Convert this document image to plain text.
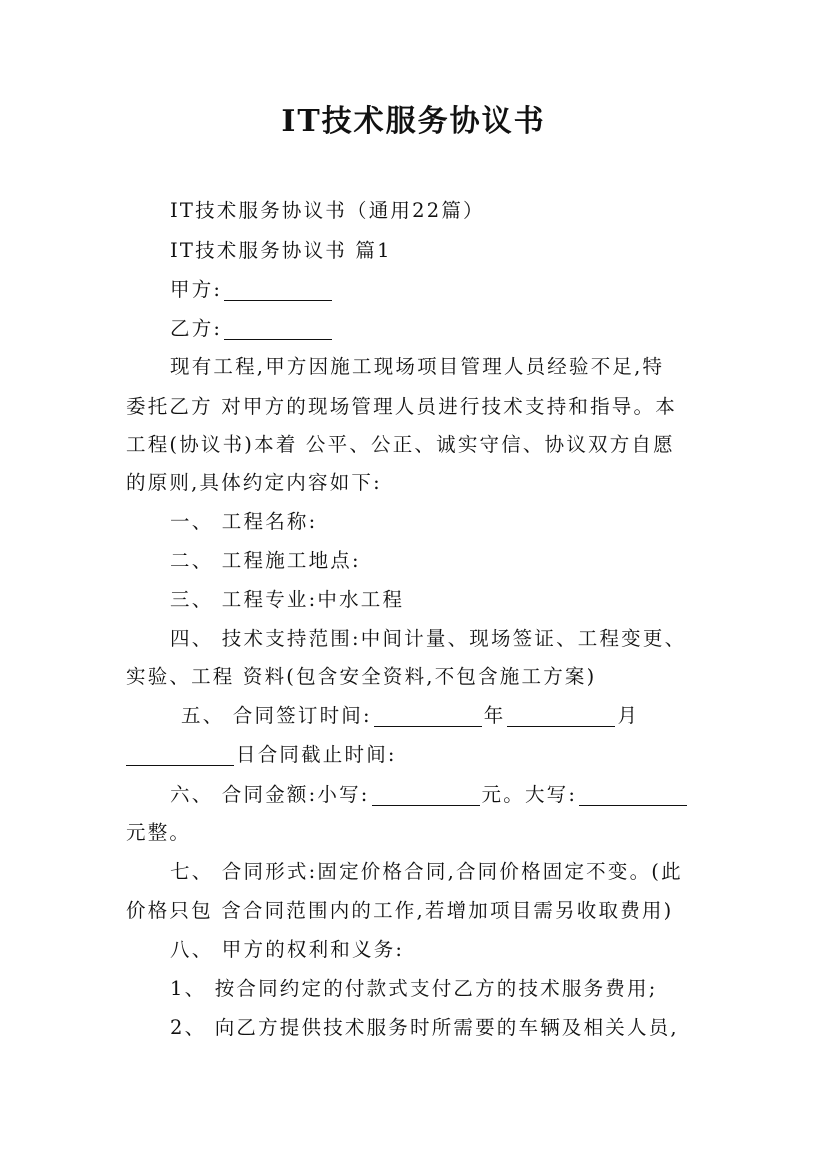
IT技术服务协议书
IT技术服务协议书（通用22篇）
IT技术服务协议书 篇1
甲方:
乙方:
现有工程,甲方因施工现场项目管理人员经验不足,特
委托乙方 对甲方的现场管理人员进行技术支持和指导。本
工程(协议书)本着 公平、公正、诚实守信、协议双方自愿
的原则,具体约定内容如下:
一、 工程名称:
二、 工程施工地点:
三、 工程专业:中水工程
四、 技术支持范围:中间计量、现场签证、工程变更、
实验、工程 资料(包含安全资料,不包含施工方案)
五、 合同签订时间:	年	月
日合同截止时间:
六、 合同金额:小写:	元。大写:
元整。
七、 合同形式:固定价格合同,合同价格固定不变。(此
价格只包 含合同范围内的工作,若增加项目需另收取费用)
八、 甲方的权利和义务:
1、 按合同约定的付款式支付乙方的技术服务费用;
2、 向乙方提供技术服务时所需要的车辆及相关人员,
